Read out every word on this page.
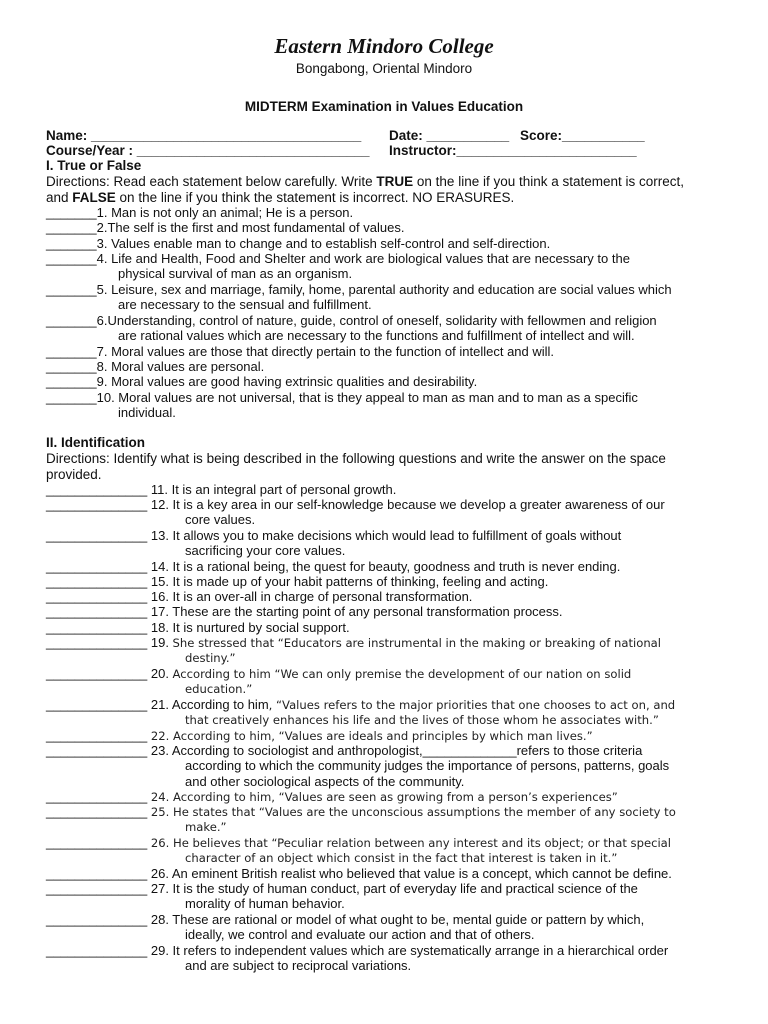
Eastern Mindoro College
Bongabong, Oriental Mindoro
MIDTERM Examination in Values Education
Name: ____________________________________ Date: ___________ Score:___________
Course/Year : _______________________________ Instructor:________________________
I. True or False
Directions: Read each statement below carefully. Write TRUE on the line if you think a statement is correct,
and FALSE on the line if you think the statement is incorrect. NO ERASURES.
_______1. Man is not only an animal; He is a person.
_______2.The self is the first and most fundamental of values.
_______3. Values enable man to change and to establish self-control and self-direction.
_______4. Life and Health, Food and Shelter and work are biological values that are necessary to the
physical survival of man as an organism.
_______5. Leisure, sex and marriage, family, home, parental authority and education are social values which
are necessary to the sensual and fulfillment.
_______6.Understanding, control of nature, guide, control of oneself, solidarity with fellowmen and religion
are rational values which are necessary to the functions and fulfillment of intellect and will.
_______7. Moral values are those that directly pertain to the function of intellect and will.
_______8. Moral values are personal.
_______9. Moral values are good having extrinsic qualities and desirability.
_______10. Moral values are not universal, that is they appeal to man as man and to man as a specific
individual.
II. Identification
Directions: Identify what is being described in the following questions and write the answer on the space
provided.
______________ 11. It is an integral part of personal growth.
______________ 12. It is a key area in our self-knowledge because we develop a greater awareness of our
core values.
______________ 13. It allows you to make decisions which would lead to fulfillment of goals without
sacrificing your core values.
______________ 14. It is a rational being, the quest for beauty, goodness and truth is never ending.
______________ 15. It is made up of your habit patterns of thinking, feeling and acting.
______________ 16. It is an over-all in charge of personal transformation.
______________ 17. These are the starting point of any personal transformation process.
______________ 18. It is nurtured by social support.
______________ 19. She stressed that “Educators are instrumental in the making or breaking of national
destiny.”
______________ 20. According to him “We can only premise the development of our nation on solid
education.”
______________ 21. According to him, “Values refers to the major priorities that one chooses to act on, and
that creatively enhances his life and the lives of those whom he associates with.”
______________ 22. According to him, “Values are ideals and principles by which man lives.”
______________ 23. According to sociologist and anthropologist,_____________refers to those criteria
according to which the community judges the importance of persons, patterns, goals
and other sociological aspects of the community.
______________ 24. According to him, “Values are seen as growing from a person’s experiences”
______________ 25. He states that “Values are the unconscious assumptions the member of any society to
make.”
______________ 26. He believes that “Peculiar relation between any interest and its object; or that special
character of an object which consist in the fact that interest is taken in it.”
______________ 26. An eminent British realist who believed that value is a concept, which cannot be define.
______________ 27. It is the study of human conduct, part of everyday life and practical science of the
morality of human behavior.
______________ 28. These are rational or model of what ought to be, mental guide or pattern by which,
ideally, we control and evaluate our action and that of others.
______________ 29. It refers to independent values which are systematically arrange in a hierarchical order
and are subject to reciprocal variations.
